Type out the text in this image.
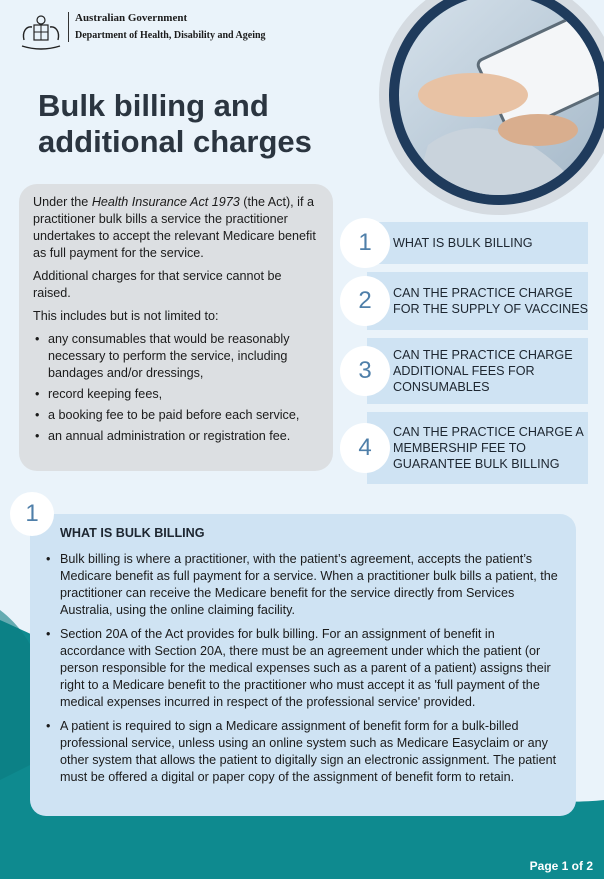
Australian Government
Department of Health, Disability and Ageing
Bulk billing and additional charges

Under the Health Insurance Act 1973 (the Act), if a practitioner bulk bills a service the practitioner undertakes to accept the relevant Medicare benefit as full payment for the service.

Additional charges for that service cannot be raised.

This includes but is not limited to:

• any consumables that would be reasonably necessary to perform the service, including bandages and/or dressings,
• record keeping fees,
• a booking fee to be paid before each service,
• an annual administration or registration fee.
1	WHAT IS BULK BILLING
2	CAN THE PRACTICE CHARGE FOR THE SUPPLY OF VACCINES
3
CAN THE PRACTICE CHARGE ADDITIONAL FEES FOR CONSUMABLES
4
CAN THE PRACTICE CHARGE A MEMBERSHIP FEE TO GUARANTEE BULK BILLING
WHAT IS BULK BILLING
• Bulk billing is where a practitioner, with the patient’s agreement, accepts the patient’s Medicare benefit as full payment for a service. When a practitioner bulk bills a patient, the practitioner can receive the Medicare benefit for the service directly from Services Australia, using the online claiming facility.
• Section 20A of the Act provides for bulk billing. For an assignment of benefit in accordance with Section 20A, there must be an agreement under which the patient (or person responsible for the medical expenses such as a parent of a patient) assigns their right to a Medicare benefit to the practitioner who must accept it as 'full payment of the medical expenses incurred in respect of the professional service' provided.
• A patient is required to sign a Medicare assignment of benefit form for a bulk-billed professional service, unless using an online system such as Medicare Easyclaim or any other system that allows the patient to digitally sign an electronic assignment. The patient must be offered a digital or paper copy of the assignment of benefit form to retain.
1
Page 1 of 2
